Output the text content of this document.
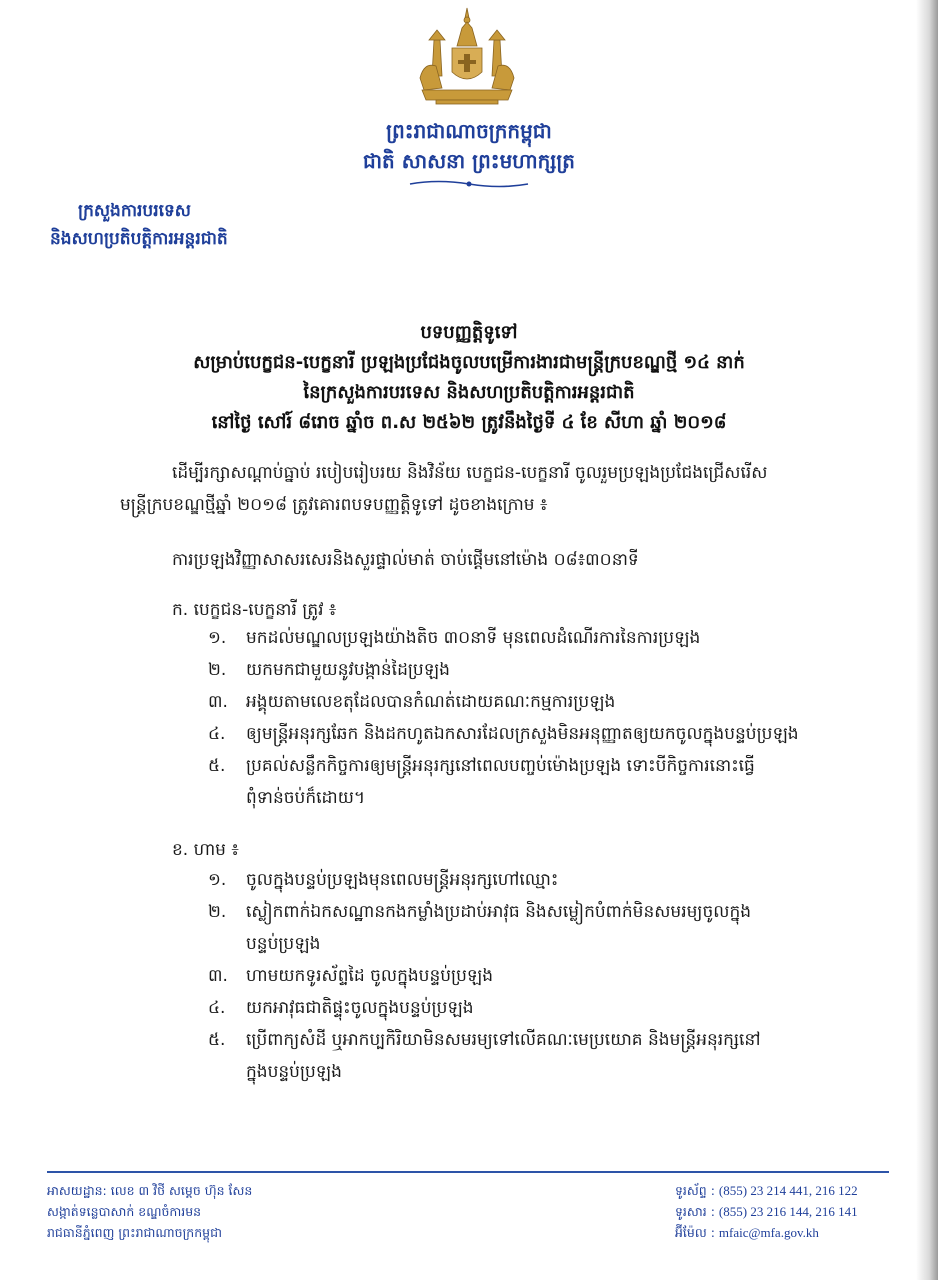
ព្រះរាជាណាចក្រកម្ពុជា
ជាតិ សាសនា ព្រះមហាក្សត្រ
ក្រសួងការបរទេស
និងសហប្រតិបត្តិការអន្តរជាតិ
បទបញ្ញត្តិទូទៅ
សម្រាប់បេក្ខជន-បេក្ខនារី ប្រឡងប្រជែងចូលបម្រើការងារជាមន្ត្រីក្របខណ្ឌថ្មី ១៤ នាក់
នៃក្រសួងការបរទេស និងសហប្រតិបត្តិការអន្តរជាតិ
នៅថ្ងៃ សៅរ៍ ៨រោច ឆ្នាំច ព.ស ២៥៦២ ត្រូវនឹងថ្ងៃទី ៤ ខែ សីហា ឆ្នាំ ២០១៨
ដើម្បីរក្សាសណ្តាប់ធ្នាប់ របៀបរៀបរយ និងវិន័យ បេក្ខជន-បេក្ខនារី ចូលរួមប្រឡងប្រជែងជ្រើសរើស
មន្ត្រីក្របខណ្ឌថ្មីឆ្នាំ ២០១៨ ត្រូវគោរពបទបញ្ញត្តិទូទៅ ដូចខាងក្រោម ៖
ការប្រឡងវិញ្ញាសាសរសេរនិងសួរផ្ទាល់មាត់ ចាប់ផ្តើមនៅម៉ោង ០៨៖៣០នាទី
ក. បេក្ខជន-បេក្ខនារី ត្រូវ ៖
១. មកដល់មណ្ឌលប្រឡងយ៉ាងតិច ៣០នាទី មុនពេលដំណើរការនៃការប្រឡង
២. យកមកជាមួយនូវបង្កាន់ដៃប្រឡង
៣. អង្គុយតាមលេខតុដែលបានកំណត់ដោយគណៈកម្មការប្រឡង
៤. ឲ្យមន្ត្រីអនុរក្សឆែក និងដកហូតឯកសារដែលក្រសួងមិនអនុញ្ញាតឲ្យយកចូលក្នុងបន្ទប់ប្រឡង
៥. ប្រគល់សន្លឹកកិច្ចការឲ្យមន្ត្រីអនុរក្សនៅពេលបញ្ចប់ម៉ោងប្រឡង ទោះបីកិច្ចការនោះធ្វើ
ពុំទាន់ចប់ក៏ដោយ។
ខ. ហាម ៖
១. ចូលក្នុងបន្ទប់ប្រឡងមុនពេលមន្ត្រីអនុរក្សហៅឈ្មោះ
២. ស្លៀកពាក់ឯកសណ្ឋានកងកម្លាំងប្រដាប់អាវុធ និងសម្លៀកបំពាក់មិនសមរម្យចូលក្នុង
បន្ទប់ប្រឡង
៣. ហាមយកទូរស័ព្ទដៃ ចូលក្នុងបន្ទប់ប្រឡង
៤. យកអាវុធជាតិផ្ទុះចូលក្នុងបន្ទប់ប្រឡង
៥. ប្រើពាក្យសំដី ឬអាកប្បកិរិយាមិនសមរម្យទៅលើគណៈមេប្រយោគ និងមន្ត្រីអនុរក្សនៅ
ក្នុងបន្ទប់ប្រឡង
អាសយដ្ឋាន: លេខ ៣ វិថី សម្តេច ហ៊ុន សែន
សង្កាត់ទន្លេបាសាក់ ខណ្ឌចំការមន
រាជធានីភ្នំពេញ ព្រះរាជាណាចក្រកម្ពុជា
ទូរស័ព្ទ : (855) 23 214 441, 216 122
ទូរសារ : (855) 23 216 144, 216 141
អ៊ីម៉ែល : mfaic@mfa.gov.kh
